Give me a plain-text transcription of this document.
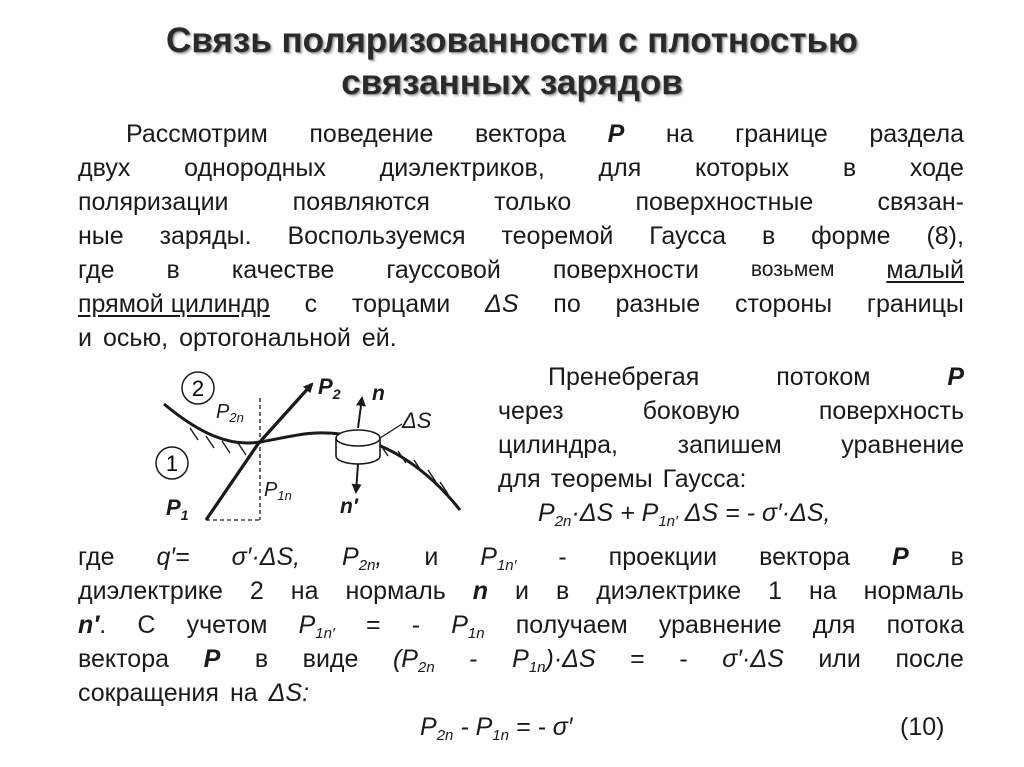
Связь поляризованности с плотностью
связанных зарядов
Рассмотрим поведение вектора P на границе раздела
двух однородных диэлектриков, для которых в ходе
поляризации	появляются	только	поверхностные	связан-
ные заряды. Воспользуемся теоремой Гаусса в форме (8),
где в качестве гауссовой поверхности возьмем малый
прямой цилиндр с торцами ΔS по разные стороны границы
и осью, ортогональной ей.
2
1
$P_{2n}$
$P_2$ n
ΔS
$P_{1n}$ n′
$P_1$
Пренебрегая	потоком	P
через	боковую	поверхность
цилиндра, запишем уравнение
для теоремы Гаусса:
$P_{2n}\cdot\Delta S + P_{1n'}$ ΔS = - σ′·ΔS,
где q′= σ′·ΔS, $P_{2n}$, и $P_{1n'}$ - проекции вектора P в
диэлектрике 2 на нормаль n и в диэлектрике 1 на нормаль
n′. С учетом $P_{1n'}$ = - $P_{1n}$ получаем уравнение для потока
вектора P в виде $(P_{2n} - P_{1n})\cdot\Delta S$ = - σ′·ΔS или после
сокращения на ΔS:
$P_{2n} - P_{1n}$ = - σ′	(10)
